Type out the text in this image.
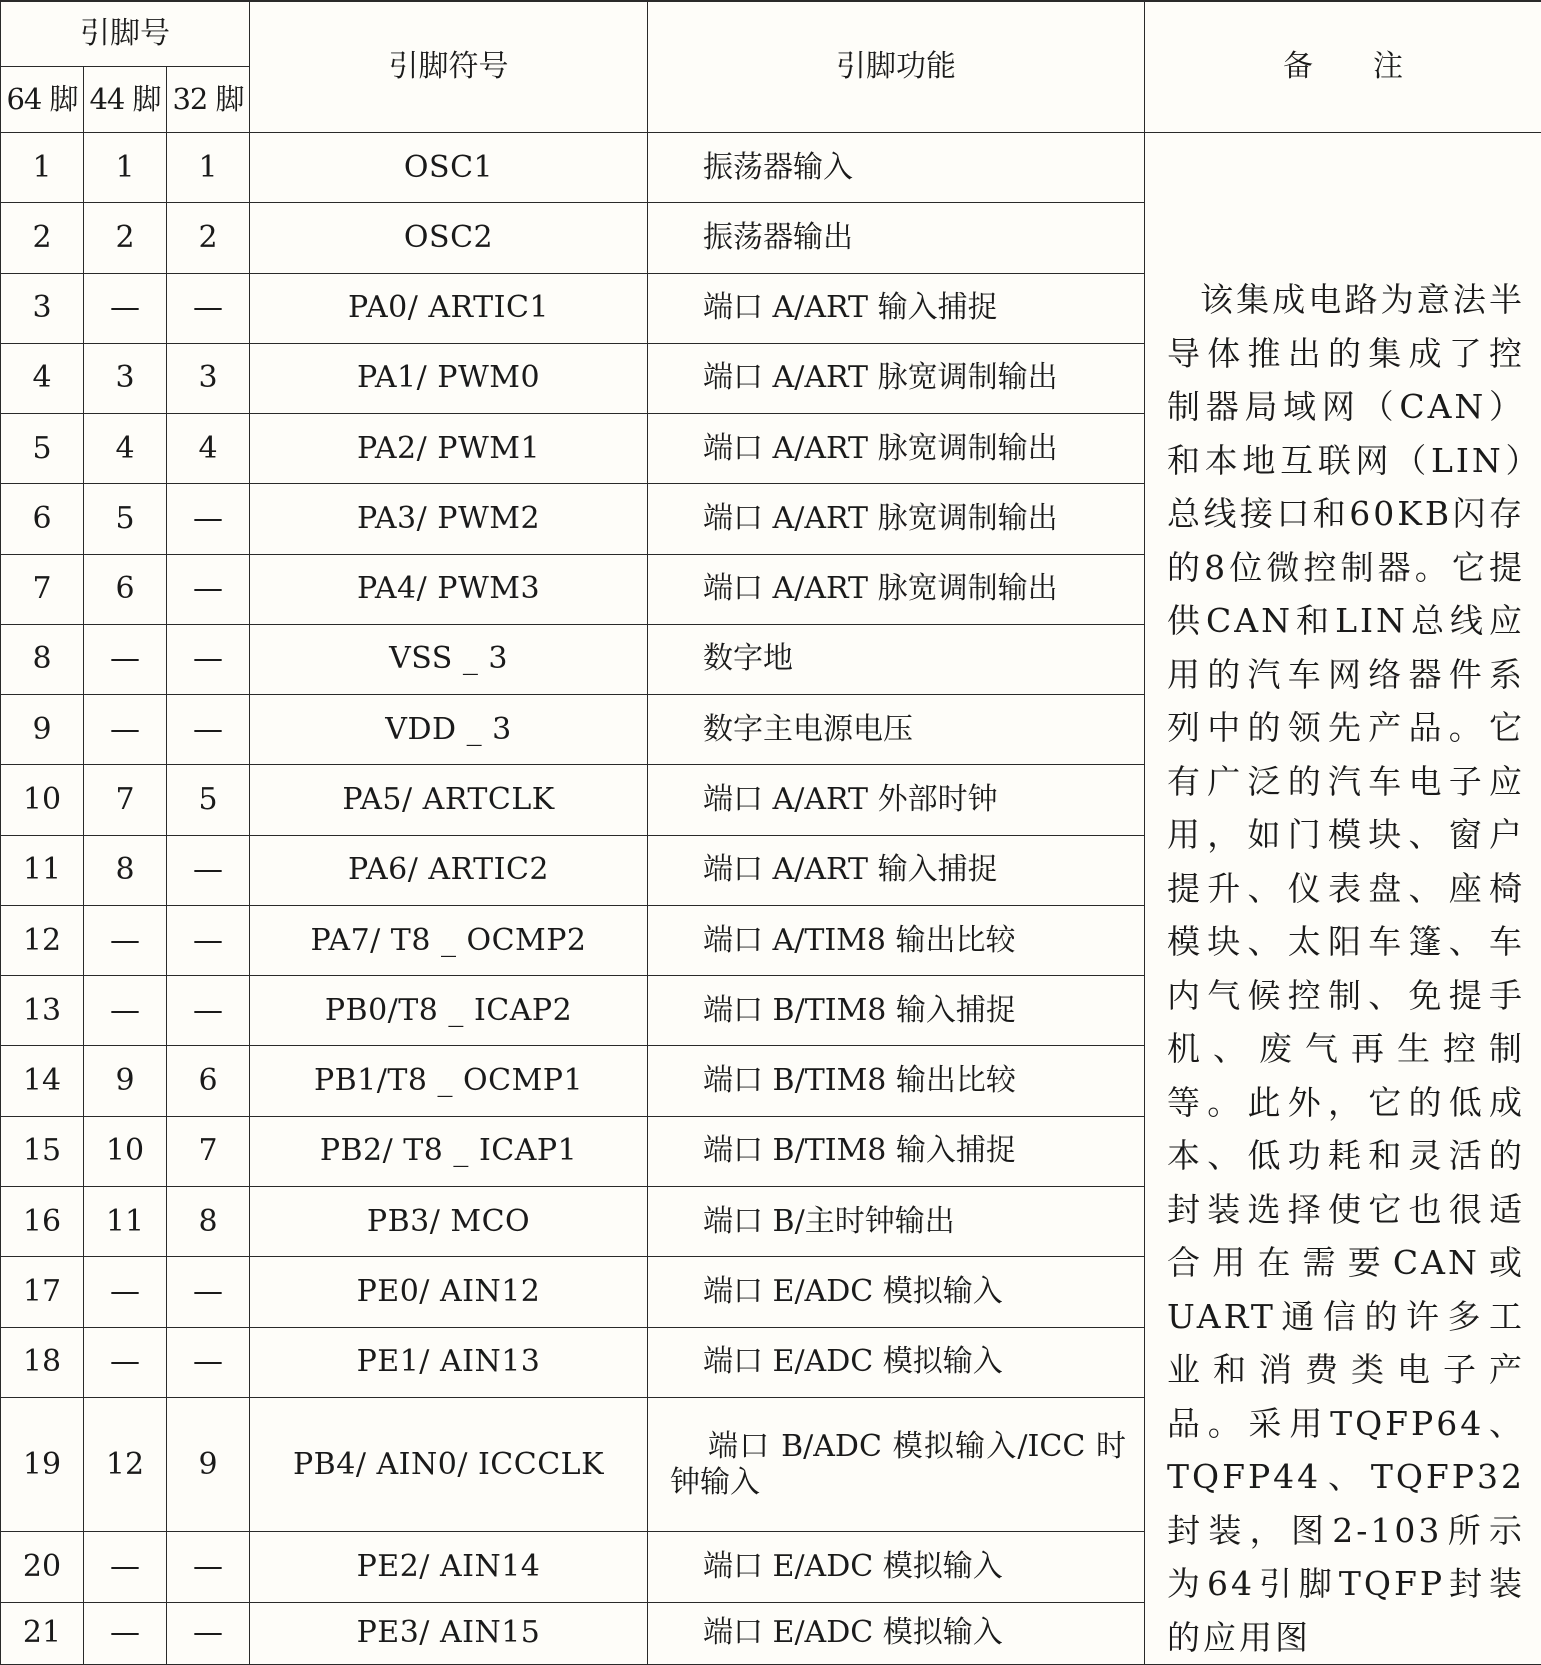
引脚号			引脚符号	引脚功能	备　　注
64 脚	44 脚	32 脚			
1	1	1	OSC1	振荡器输入	该集成电路为意法半导体推出的集成了控制器局域网（CAN）和本地互联网（LIN）总线接口和60KB闪存的8位微控制器。它提供CAN和LIN总线应用的汽车网络器件系列中的领先产品。它有广泛的汽车电子应用，如门模块、窗户提升、仪表盘、座椅模块、太阳车篷、车内气候控制、免提手机、废气再生控制等。此外，它的低成本、低功耗和灵活的封装选择使它也很适合用在需要CAN或UART通信的许多工业和消费类电子产品。采用TQFP64、TQFP44、TQFP32封装，图2-103所示为64引脚TQFP封装的应用图
2	2	2	OSC2	振荡器输出	
3	—	—	PA0/ ARTIC1	端口 A/ART 输入捕捉	
4	3	3	PA1/ PWM0	端口 A/ART 脉宽调制输出	
5	4	4	PA2/ PWM1	端口 A/ART 脉宽调制输出	
6	5	—	PA3/ PWM2	端口 A/ART 脉宽调制输出	
7	6	—	PA4/ PWM3	端口 A/ART 脉宽调制输出	
8	—	—	VSS _ 3	数字地	
9	—	—	VDD _ 3	数字主电源电压	
10	7	5	PA5/ ARTCLK	端口 A/ART 外部时钟	
11	8	—	PA6/ ARTIC2	端口 A/ART 输入捕捉	
12	—	—	PA7/ T8 _ OCMP2	端口 A/TIM8 输出比较	
13	—	—	PB0/T8 _ ICAP2	端口 B/TIM8 输入捕捉	
14	9	6	PB1/T8 _ OCMP1	端口 B/TIM8 输出比较	
15	10	7	PB2/ T8 _ ICAP1	端口 B/TIM8 输入捕捉	
16	11	8	PB3/ MCO	端口 B/主时钟输出	
17	—	—	PE0/ AIN12	端口 E/ADC 模拟输入	
18	—	—	PE1/ AIN13	端口 E/ADC 模拟输入	
19	12	9	PB4/ AIN0/ ICCCLK	端口 B/ADC 模拟输入/ICC 时钟输入	
20	—	—	PE2/ AIN14	端口 E/ADC 模拟输入	
21	—	—	PE3/ AIN15	端口 E/ADC 模拟输入	
